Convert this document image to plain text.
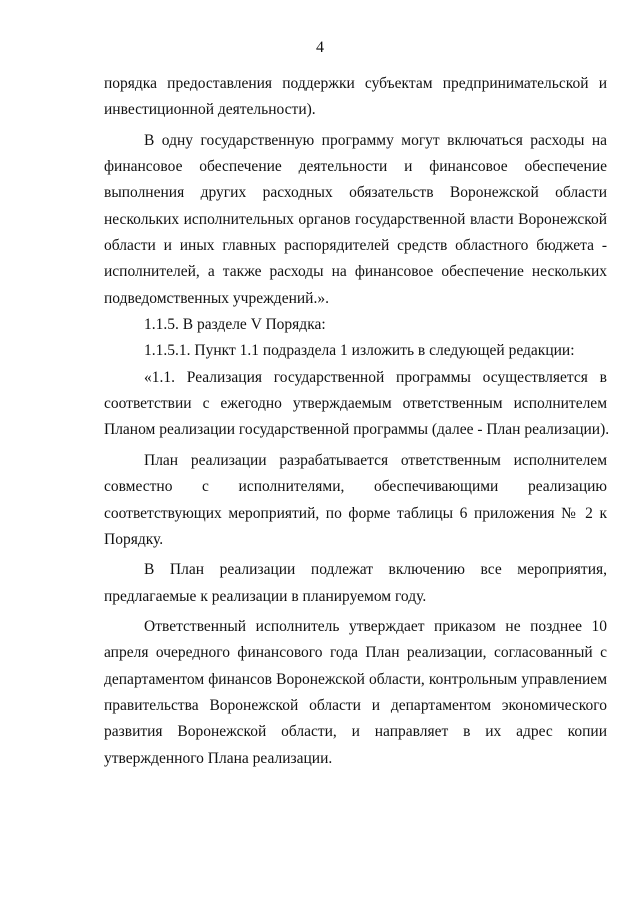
4
порядка предоставления поддержки субъектам предпринимательской и
инвестиционной деятельности).
В одну государственную программу могут включаться расходы на
финансовое обеспечение деятельности и финансовое обеспечение
выполнения других расходных обязательств Воронежской области
нескольких исполнительных органов государственной власти Воронежской
области и иных главных распорядителей средств областного бюджета -
исполнителей, а также расходы на финансовое обеспечение нескольких
подведомственных учреждений.».
1.1.5. В разделе V Порядка:
1.1.5.1. Пункт 1.1 подраздела 1 изложить в следующей редакции:
«1.1. Реализация государственной программы осуществляется в
соответствии с ежегодно утверждаемым ответственным исполнителем
Планом реализации государственной программы (далее - План реализации).
План реализации разрабатывается ответственным исполнителем
совместно с исполнителями, обеспечивающими реализацию
соответствующих мероприятий, по форме таблицы 6 приложения № 2 к
Порядку.
В План реализации подлежат включению все мероприятия,
предлагаемые к реализации в планируемом году.
Ответственный исполнитель утверждает приказом не позднее 10
апреля очередного финансового года План реализации, согласованный с
департаментом финансов Воронежской области, контрольным управлением
правительства Воронежской области и департаментом экономического
развития Воронежской области, и направляет в их адрес копии
утвержденного Плана реализации.
